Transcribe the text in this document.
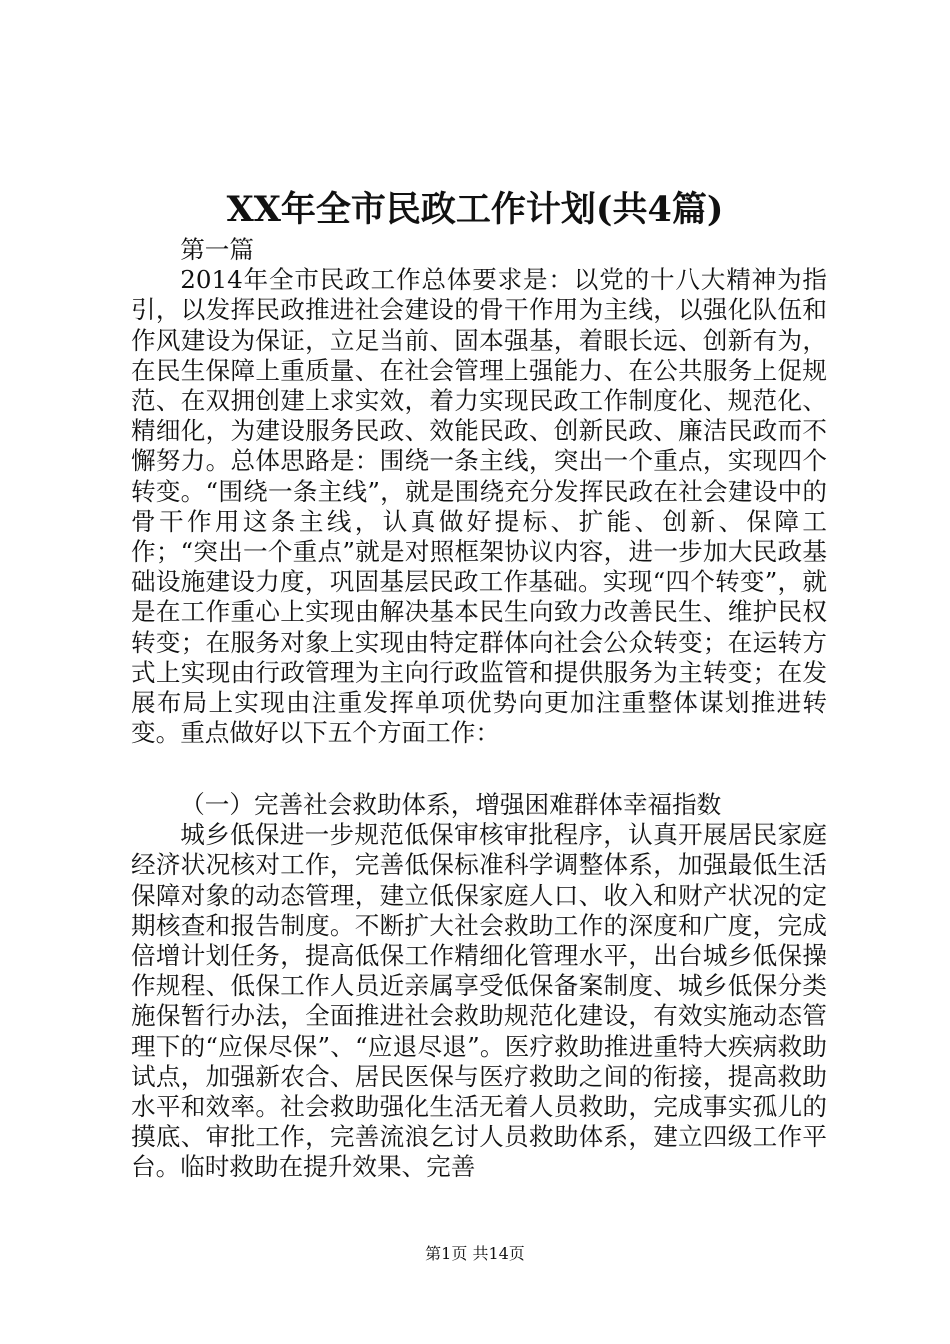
XX年全市民政工作计划(共4篇)

第一篇

2014年全市民政工作总体要求是：以党的十八大精神为指引，以发挥民政推进社会建设的骨干作用为主线，以强化队伍和作风建设为保证，立足当前、固本强基，着眼长远、创新有为，在民生保障上重质量、在社会管理上强能力、在公共服务上促规范、在双拥创建上求实效，着力实现民政工作制度化、规范化、精细化，为建设服务民政、效能民政、创新民政、廉洁民政而不懈努力。总体思路是：围绕一条主线，突出一个重点，实现四个转变。“围绕一条主线”，就是围绕充分发挥民政在社会建设中的骨干作用这条主线，认真做好提标、扩能、创新、保障工作；“突出一个重点”就是对照框架协议内容，进一步加大民政基础设施建设力度，巩固基层民政工作基础。实现“四个转变”，就是在工作重心上实现由解决基本民生向致力改善民生、维护民权转变；在服务对象上实现由特定群体向社会公众转变；在运转方式上实现由行政管理为主向行政监管和提供服务为主转变；在发展布局上实现由注重发挥单项优势向更加注重整体谋划推进转变。重点做好以下五个方面工作：

（一）完善社会救助体系，增强困难群体幸福指数

城乡低保进一步规范低保审核审批程序，认真开展居民家庭经济状况核对工作，完善低保标准科学调整体系，加强最低生活保障对象的动态管理，建立低保家庭人口、收入和财产状况的定期核查和报告制度。不断扩大社会救助工作的深度和广度，完成倍增计划任务，提高低保工作精细化管理水平，出台城乡低保操作规程、低保工作人员近亲属享受低保备案制度、城乡低保分类施保暂行办法，全面推进社会救助规范化建设，有效实施动态管理下的“应保尽保”、“应退尽退”。医疗救助推进重特大疾病救助试点，加强新农合、居民医保与医疗救助之间的衔接，提高救助水平和效率。社会救助强化生活无着人员救助，完成事实孤儿的摸底、审批工作，完善流浪乞讨人员救助体系，建立四级工作平台。临时救助在提升效果、完善

第1页 共14页
